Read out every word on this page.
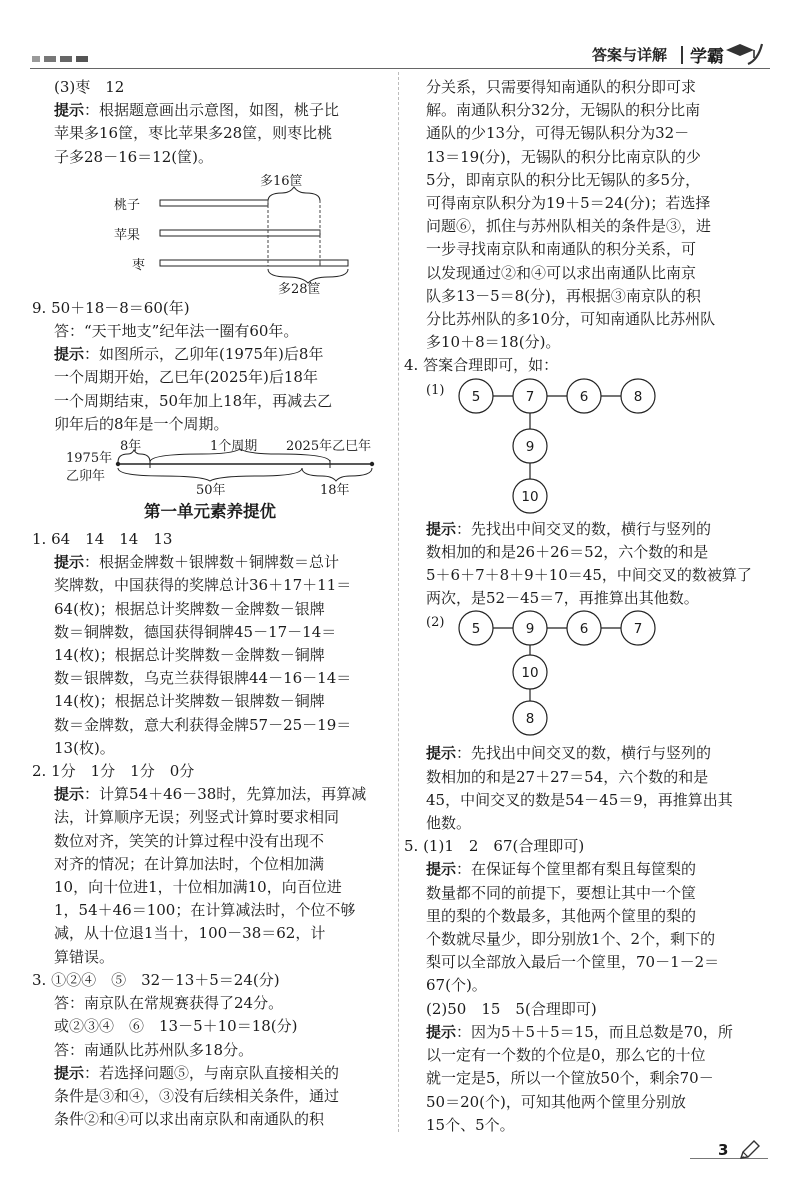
答案与详解 学霸
(3)枣　12
提示：根据题意画出示意图，如图，桃子比
苹果多16筐，枣比苹果多28筐，则枣比桃
子多28－16＝12(筐)。
多16筐
桃子
苹果
枣
多28筐
9. 50＋18－8＝60(年)
答：“天干地支”纪年法一圈有60年。
提示：如图所示，乙卯年(1975年)后8年
一个周期开始，乙巳年(2025年)后18年
一个周期结束，50年加上18年，再减去乙
卯年后的8年是一个周期。
1975年
乙卯年
8年	1个周期 2025年乙巳年
50年	18年
第一单元素养提优
1. 64　14　14　13
提示：根据金牌数＋银牌数＋铜牌数＝总计
奖牌数，中国获得的奖牌总计36＋17＋11＝
64(枚)；根据总计奖牌数－金牌数－银牌
数＝铜牌数，德国获得铜牌45－17－14＝
14(枚)；根据总计奖牌数－金牌数－铜牌
数＝银牌数，乌克兰获得银牌44－16－14＝
14(枚)；根据总计奖牌数－银牌数－铜牌
数＝金牌数，意大利获得金牌57－25－19＝
13(枚)。
2. 1分　1分　1分　0分
提示：计算54＋46－38时，先算加法，再算减
法，计算顺序无误；列竖式计算时要求相同
数位对齐，笑笑的计算过程中没有出现不
对齐的情况；在计算加法时，个位相加满
10，向十位进1，十位相加满10，向百位进
1，54＋46＝100；在计算减法时，个位不够
减，从十位退1当十，100－38＝62，计
算错误。
3. ①②④　⑤　32－13＋5＝24(分)
答：南京队在常规赛获得了24分。
或②③④　⑥　13－5＋10＝18(分)
答：南通队比苏州队多18分。
提示：若选择问题⑤，与南京队直接相关的
条件是③和④，③没有后续相关条件，通过
条件②和④可以求出南京队和南通队的积
分关系，只需要得知南通队的积分即可求
解。南通队积分32分，无锡队的积分比南
通队的少13分，可得无锡队积分为32－
13＝19(分)，无锡队的积分比南京队的少
5分，即南京队的积分比无锡队的多5分，
可得南京队积分为19＋5＝24(分)；若选择
问题⑥，抓住与苏州队相关的条件是③，进
一步寻找南京队和南通队的积分关系，可
以发现通过②和④可以求出南通队比南京
队多13－5＝8(分)，再根据③南京队的积
分比苏州队的多10分，可知南通队比苏州队
多10＋8＝18(分)。
4. 答案合理即可，如：
(1) 5	7	6	8
9
10
提示：先找出中间交叉的数，横行与竖列的
数相加的和是26＋26＝52，六个数的和是
5＋6＋7＋8＋9＋10＝45，中间交叉的数被算了
两次，是52－45＝7，再推算出其他数。
(2) 5	9	6	7
10
8
提示：先找出中间交叉的数，横行与竖列的
数相加的和是27＋27＝54，六个数的和是
45，中间交叉的数是54－45＝9，再推算出其
他数。
5. (1)1　2　67(合理即可)
提示：在保证每个筐里都有梨且每筐梨的
数量都不同的前提下，要想让其中一个筐
里的梨的个数最多，其他两个筐里的梨的
个数就尽量少，即分别放1个、2个，剩下的
梨可以全部放入最后一个筐里，70－1－2＝
67(个)。
(2)50　15　5(合理即可)
提示：因为5＋5＋5＝15，而且总数是70，所
以一定有一个数的个位是0，那么它的十位
就一定是5，所以一个筐放50个，剩余70－
50＝20(个)，可知其他两个筐里分别放
15个、5个。
3
